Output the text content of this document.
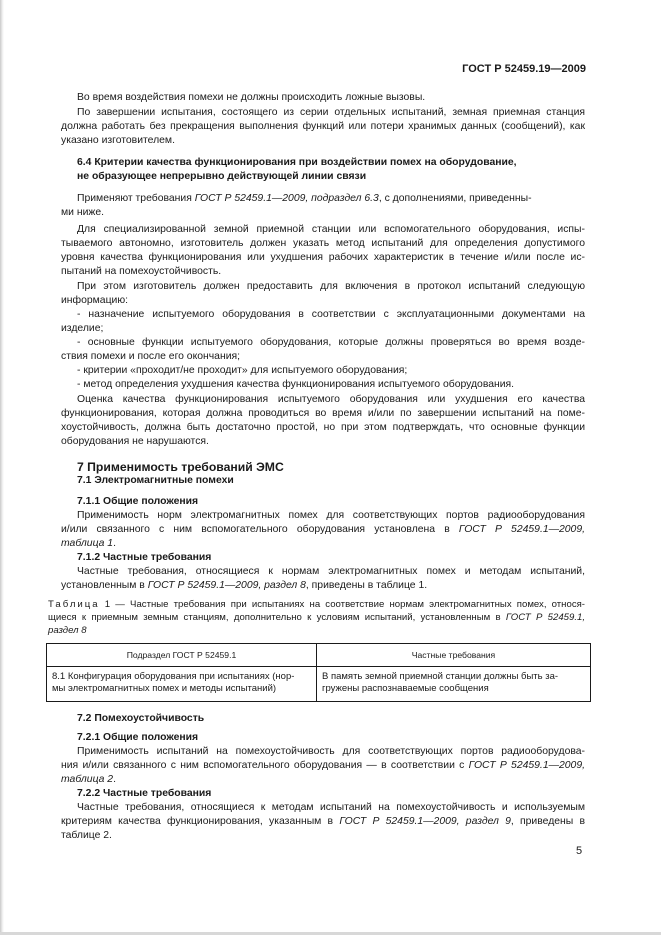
ГОСТ Р 52459.19—2009
Во время воздействия помехи не должны происходить ложные вызовы.
По завершении испытания, состоящего из серии отдельных испытаний, земная приемная станция
должна работать без прекращения выполнения функций или потери хранимых данных (сообщений), как
указано изготовителем.
6.4 Критерии качества функционирования при воздействии помех на оборудование,
не образующее непрерывно действующей линии связи
Применяют требования ГОСТ Р 52459.1—2009, подраздел 6.3, с дополнениями, приведенны-
ми ниже.
Для специализированной земной приемной станции или вспомогательного оборудования, испы-
тываемого автономно, изготовитель должен указать метод испытаний для определения допустимого
уровня качества функционирования или ухудшения рабочих характеристик в течение и/или после ис-
пытаний на помехоустойчивость.
При этом изготовитель должен предоставить для включения в протокол испытаний следующую
информацию:
- назначение испытуемого оборудования в соответствии с эксплуатационными документами на
изделие;
- основные функции испытуемого оборудования, которые должны проверяться во время возде-
ствия помехи и после его окончания;
- критерии «проходит/не проходит» для испытуемого оборудования;
- метод определения ухудшения качества функционирования испытуемого оборудования.
Оценка качества функционирования испытуемого оборудования или ухудшения его качества
функционирования, которая должна проводиться во время и/или по завершении испытаний на поме-
хоустойчивость, должна быть достаточно простой, но при этом подтверждать, что основные функции
оборудования не нарушаются.
7 Применимость требований ЭМС
7.1 Электромагнитные помехи
7.1.1 Общие положения
Применимость норм электромагнитных помех для соответствующих портов радиооборудования
и/или связанного с ним вспомогательного оборудования установлена в ГОСТ Р 52459.1—2009,
таблица 1.
7.1.2 Частные требования
Частные требования, относящиеся к нормам электромагнитных помех и методам испытаний,
установленным в ГОСТ Р 52459.1—2009, раздел 8, приведены в таблице 1.
Таблица 1 — Частные требования при испытаниях на соответствие нормам электромагнитных помех, относя-
щиеся к приемным земным станциям, дополнительно к условиям испытаний, установленным в ГОСТ Р 52459.1,
раздел 8
Подраздел ГОСТ Р 52459.1	Частные требования
8.1 Конфигурация оборудования при испытаниях (нор-
мы электромагнитных помех и методы испытаний)
В память земной приемной станции должны быть за-
гружены распознаваемые сообщения
7.2 Помехоустойчивость
7.2.1 Общие положения
Применимость испытаний на помехоустойчивость для соответствующих портов радиооборудова-
ния и/или связанного с ним вспомогательного оборудования — в соответствии с ГОСТ Р 52459.1—2009,
таблица 2.
7.2.2 Частные требования
Частные требования, относящиеся к методам испытаний на помехоустойчивость и используемым
критериям качества функционирования, указанным в ГОСТ Р 52459.1—2009, раздел 9, приведены в
таблице 2.
5
